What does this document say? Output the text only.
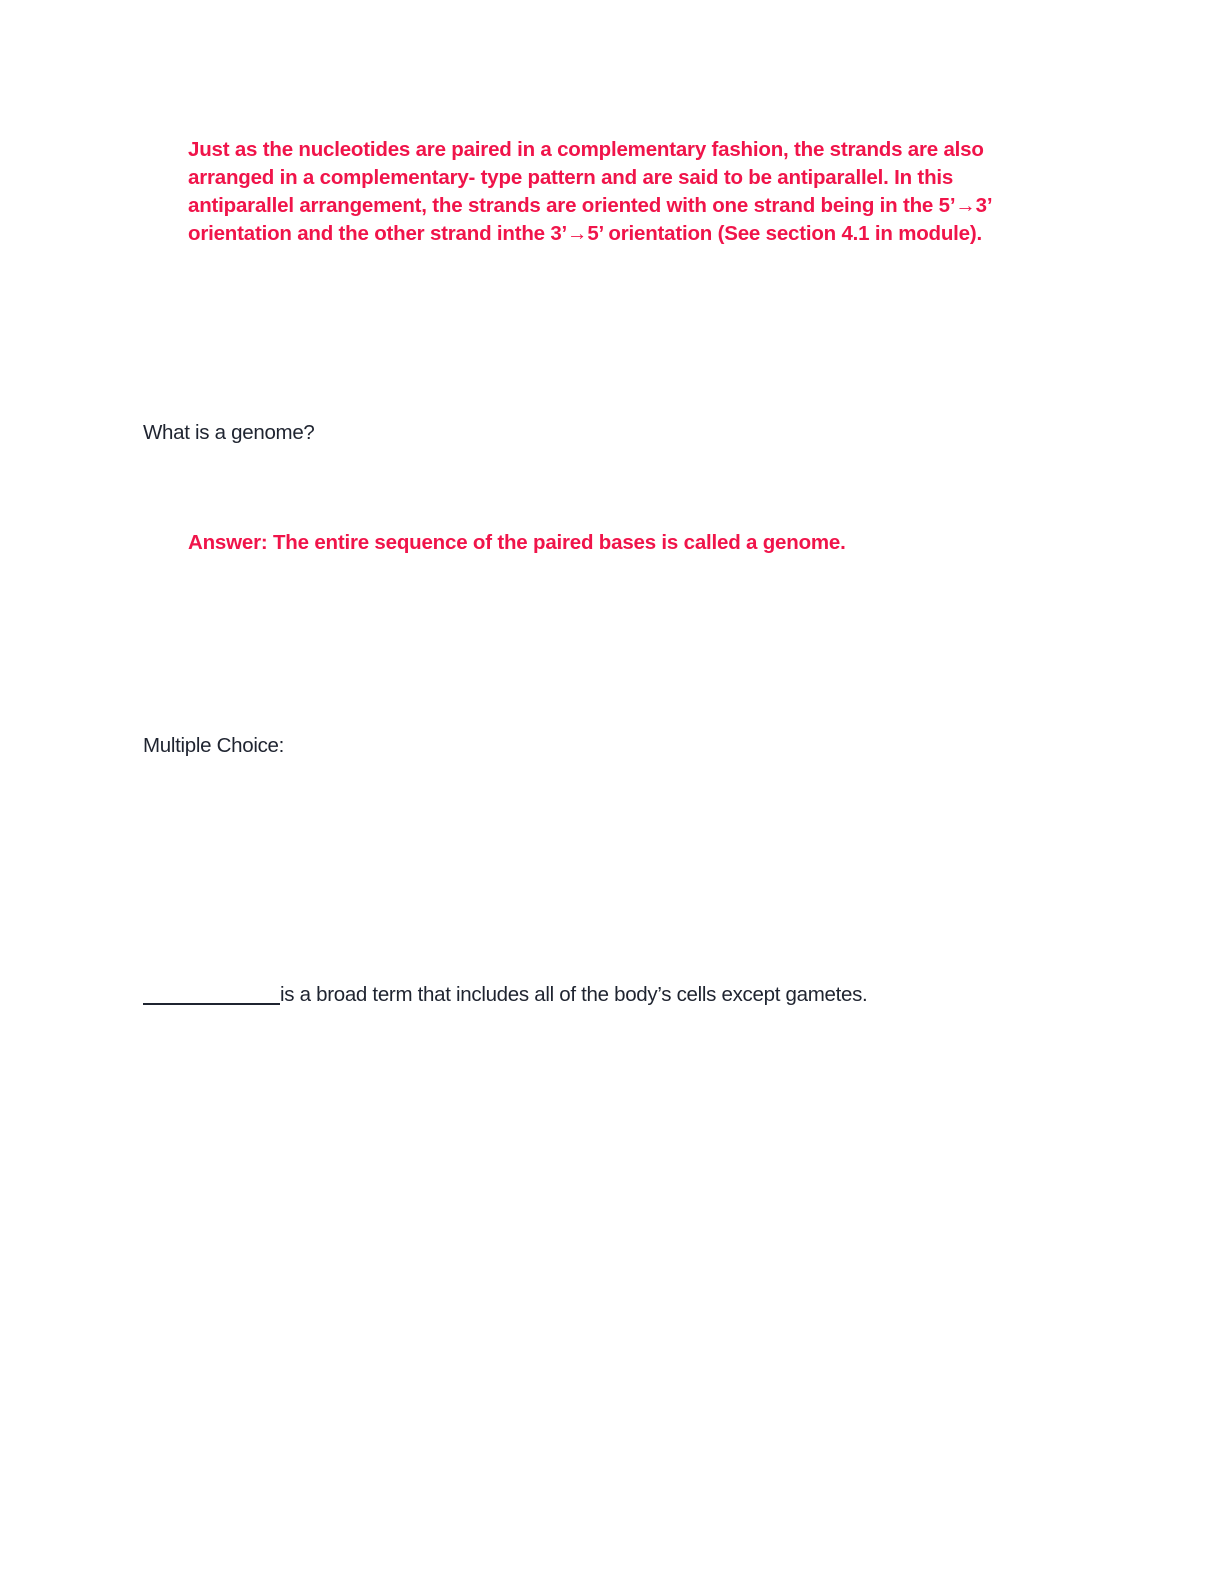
Just as the nucleotides are paired in a complementary fashion, the strands are also arranged in a complementary- type pattern and are said to be antiparallel. In this antiparallel arrangement, the strands are oriented with one strand being in the 5’→3’ orientation and the other strand inthe 3’→5’ orientation (See section 4.1 in module).

What is a genome?

Answer: The entire sequence of the paired bases is called a genome.

Multiple Choice:

is a broad term that includes all of the body’s cells except gametes.
